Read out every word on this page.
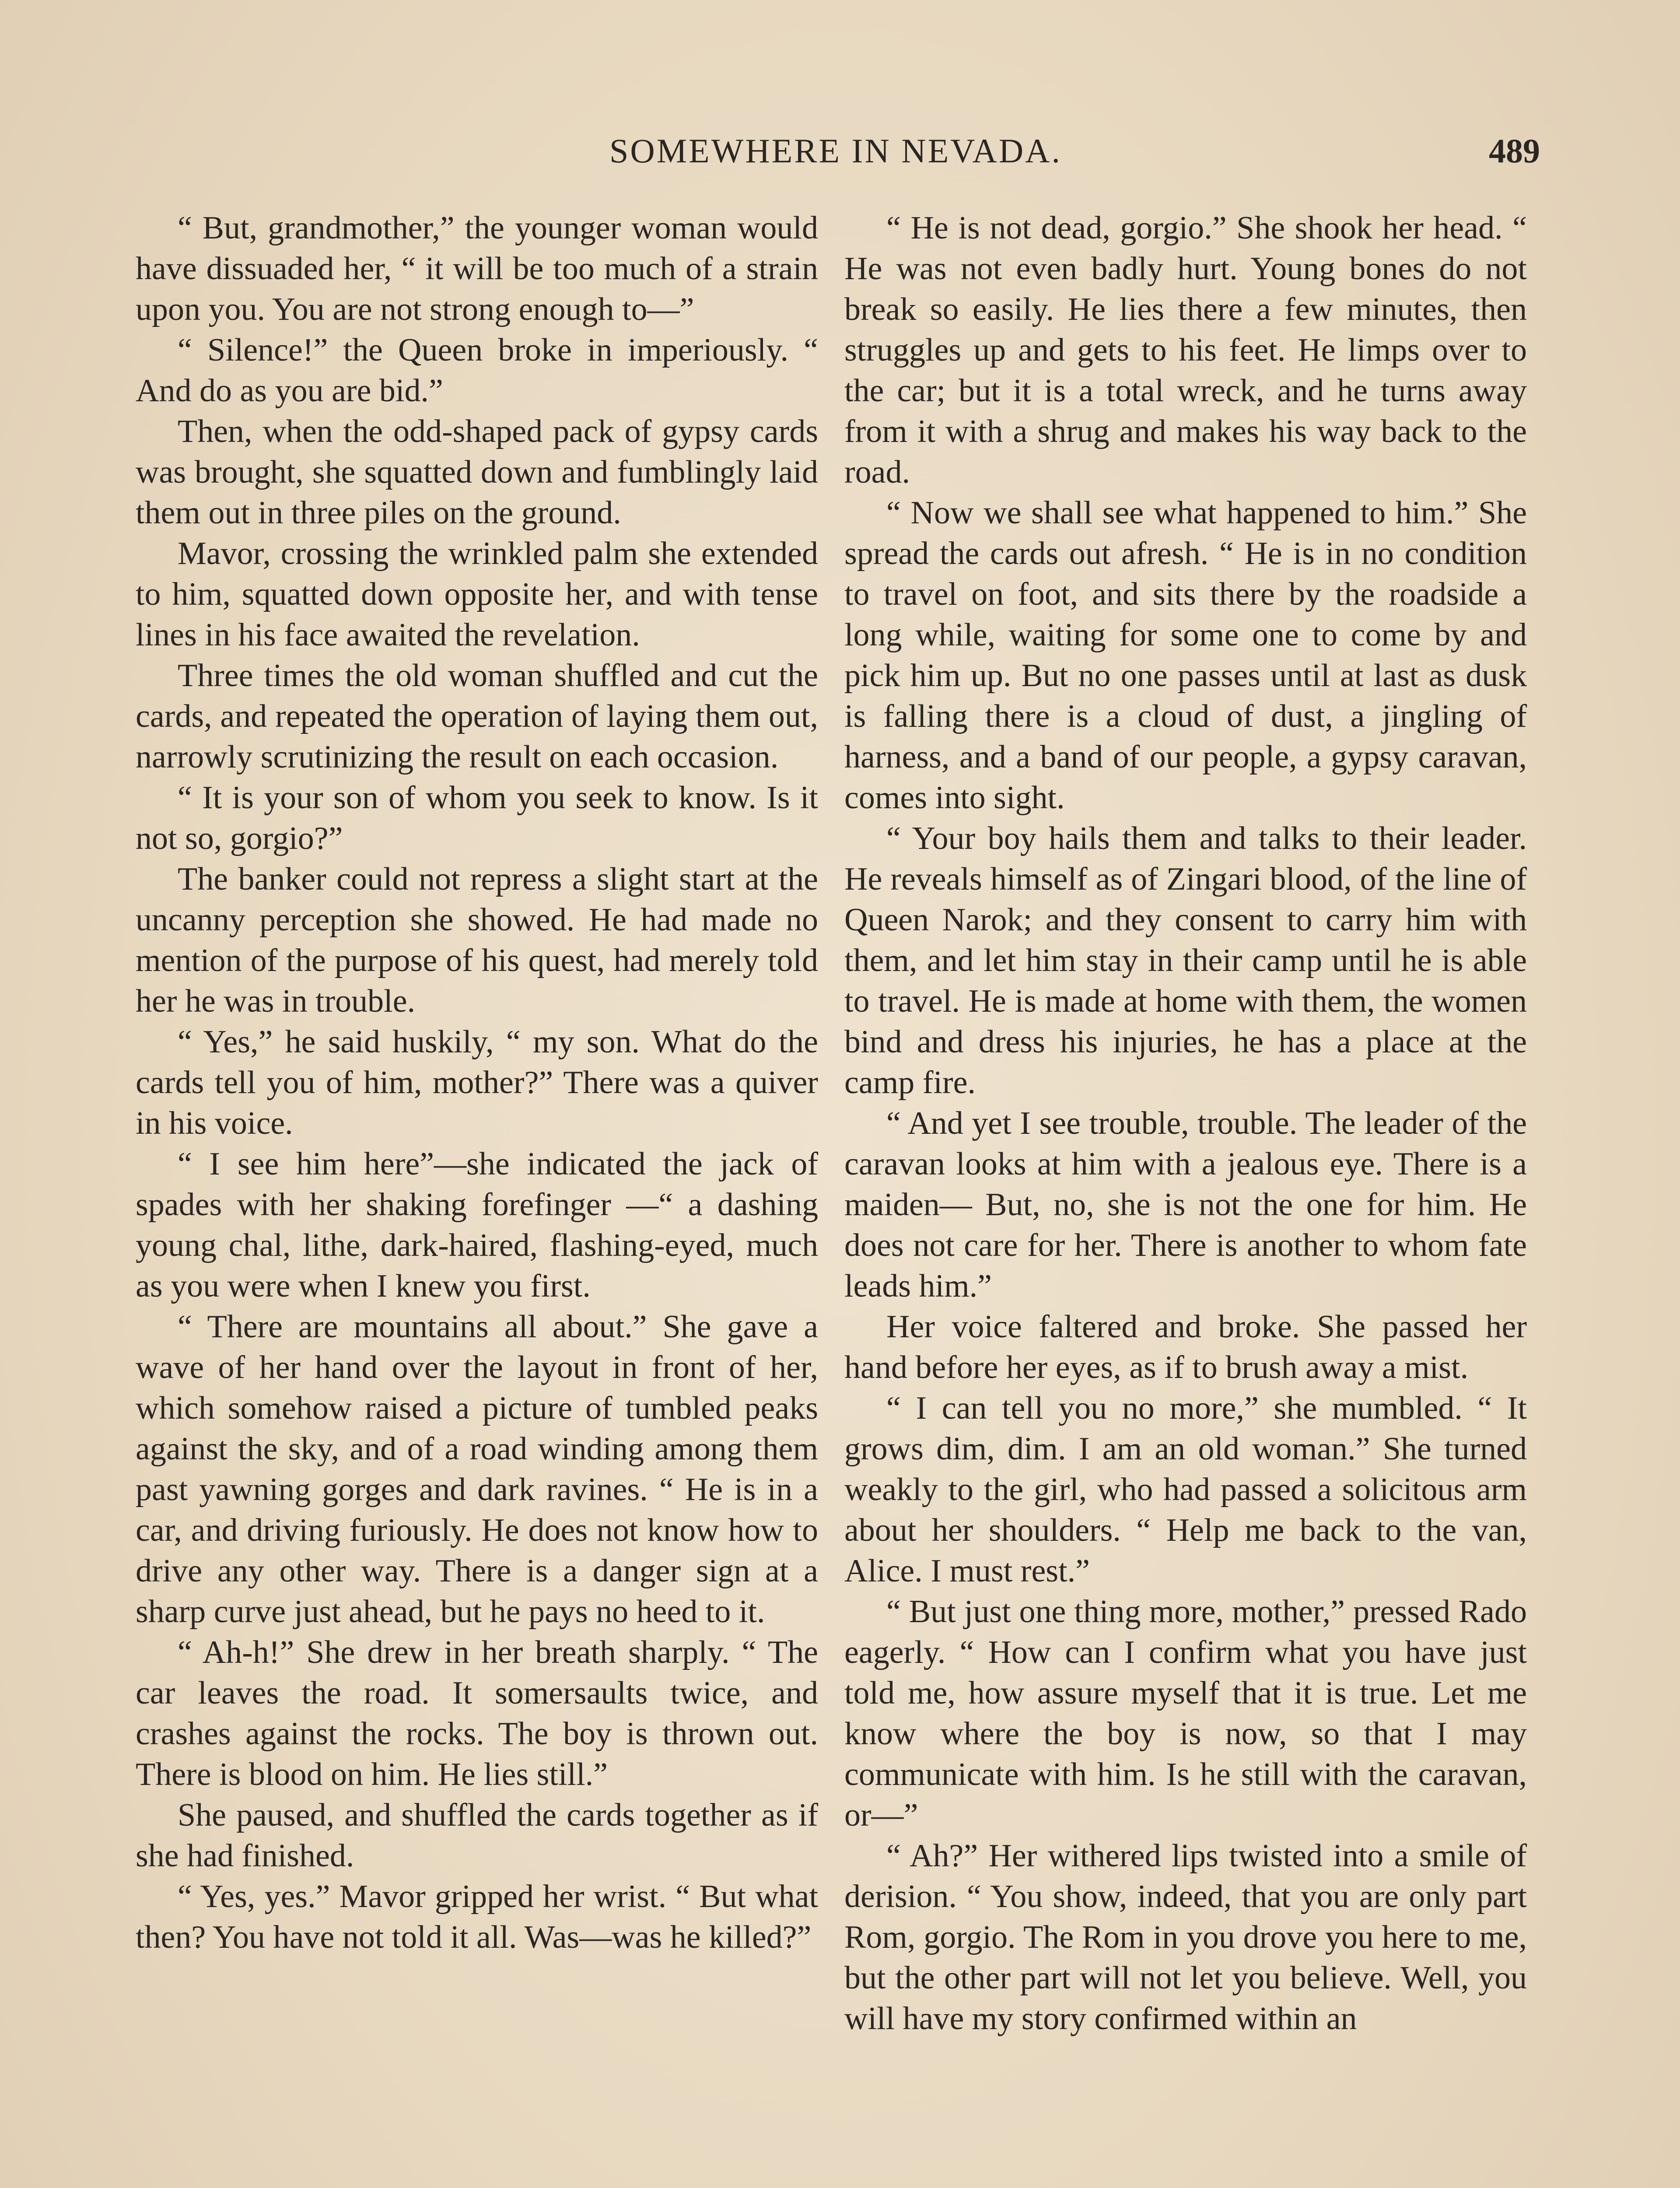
SOMEWHERE IN NEVADA.	489

“ But, grandmother,” the younger woman would have dissuaded her, “ it will be too much of a strain upon you. You are not strong enough to—”

“ Silence!” the Queen broke in imperiously. “ And do as you are bid.”

Then, when the odd-shaped pack of gypsy cards was brought, she squatted down and fumblingly laid them out in three piles on the ground.

Mavor, crossing the wrinkled palm she extended to him, squatted down opposite her, and with tense lines in his face awaited the revelation.

Three times the old woman shuffled and cut the cards, and repeated the operation of laying them out, narrowly scrutinizing the result on each occasion.

“ It is your son of whom you seek to know. Is it not so, gorgio?”

The banker could not repress a slight start at the uncanny perception she showed. He had made no mention of the purpose of his quest, had merely told her he was in trouble.

“ Yes,” he said huskily, “ my son. What do the cards tell you of him, mother?” There was a quiver in his voice.

“ I see him here”—she indicated the jack of spades with her shaking forefinger —“ a dashing young chal, lithe, dark-haired, flashing-eyed, much as you were when I knew you first.

“ There are mountains all about.” She gave a wave of her hand over the layout in front of her, which somehow raised a picture of tumbled peaks against the sky, and of a road winding among them past yawning gorges and dark ravines. “ He is in a car, and driving furiously. He does not know how to drive any other way. There is a danger sign at a sharp curve just ahead, but he pays no heed to it.

“ Ah-h!” She drew in her breath sharply. “ The car leaves the road. It somersaults twice, and crashes against the rocks. The boy is thrown out. There is blood on him. He lies still.”

She paused, and shuffled the cards together as if she had finished.

“ Yes, yes.” Mavor gripped her wrist. “ But what then? You have not told it all. Was—was he killed?”

“ He is not dead, gorgio.” She shook her head. “ He was not even badly hurt. Young bones do not break so easily. He lies there a few minutes, then struggles up and gets to his feet. He limps over to the car; but it is a total wreck, and he turns away from it with a shrug and makes his way back to the road.

“ Now we shall see what happened to him.” She spread the cards out afresh. “ He is in no condition to travel on foot, and sits there by the roadside a long while, waiting for some one to come by and pick him up. But no one passes until at last as dusk is falling there is a cloud of dust, a jingling of harness, and a band of our people, a gypsy caravan, comes into sight.

“ Your boy hails them and talks to their leader. He reveals himself as of Zingari blood, of the line of Queen Narok; and they consent to carry him with them, and let him stay in their camp until he is able to travel. He is made at home with them, the women bind and dress his injuries, he has a place at the camp fire.

“ And yet I see trouble, trouble. The leader of the caravan looks at him with a jealous eye. There is a maiden— But, no, she is not the one for him. He does not care for her. There is another to whom fate leads him.”

Her voice faltered and broke. She passed her hand before her eyes, as if to brush away a mist.

“ I can tell you no more,” she mumbled. “ It grows dim, dim. I am an old woman.” She turned weakly to the girl, who had passed a solicitous arm about her shoulders. “ Help me back to the van, Alice. I must rest.”

“ But just one thing more, mother,” pressed Rado eagerly. “ How can I confirm what you have just told me, how assure myself that it is true. Let me know where the boy is now, so that I may communicate with him. Is he still with the caravan, or—”

“ Ah?” Her withered lips twisted into a smile of derision. “ You show, indeed, that you are only part Rom, gorgio. The Rom in you drove you here to me, but the other part will not let you believe. Well, you will have my story confirmed within an
